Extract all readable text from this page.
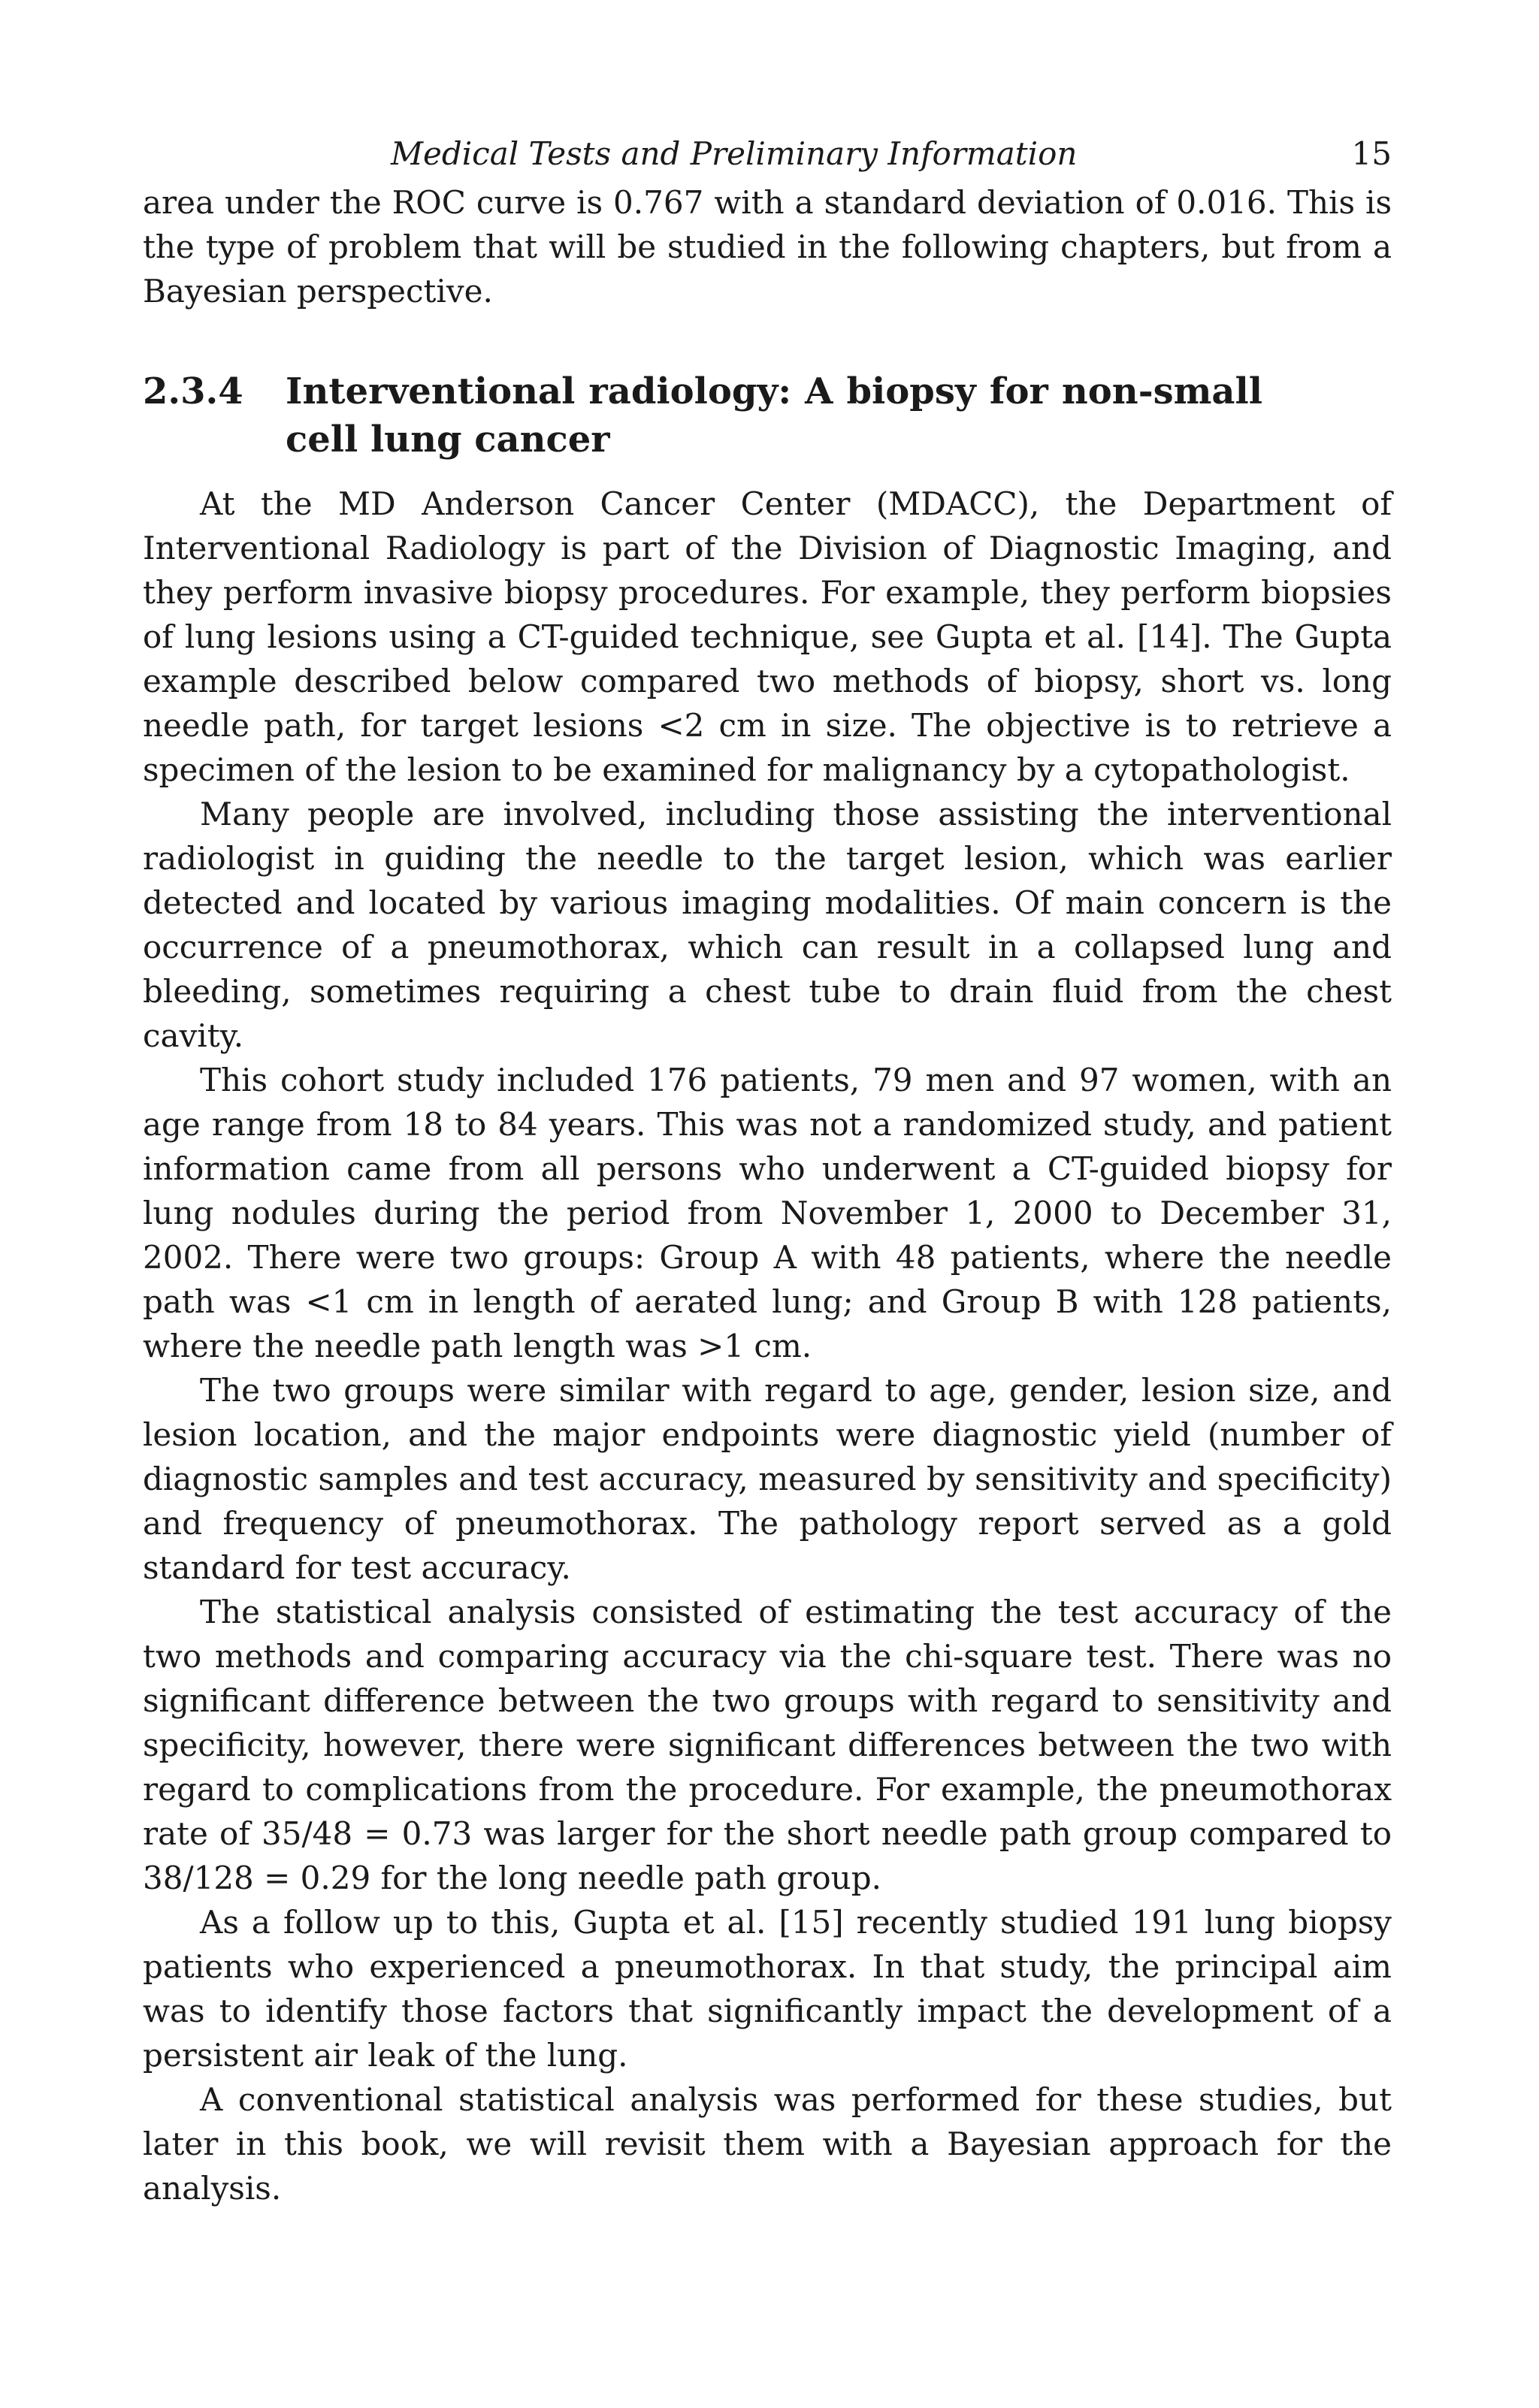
Medical Tests and Preliminary Information	15

area under the ROC curve is 0.767 with a standard deviation of 0.016. This is the type of problem that will be studied in the following chapters, but from a Bayesian perspective.

2.3.4	Interventional radiology: A biopsy for non-small cell lung cancer

At the MD Anderson Cancer Center (MDACC), the Department of Interventional Radiology is part of the Division of Diagnostic Imaging, and they perform invasive biopsy procedures. For example, they perform biopsies of lung lesions using a CT-guided technique, see Gupta et al. [14]. The Gupta example described below compared two methods of biopsy, short vs. long needle path, for target lesions <2 cm in size. The objective is to retrieve a specimen of the lesion to be examined for malignancy by a cytopathologist.

Many people are involved, including those assisting the interventional radiologist in guiding the needle to the target lesion, which was earlier detected and located by various imaging modalities. Of main concern is the occurrence of a pneumothorax, which can result in a collapsed lung and bleeding, sometimes requiring a chest tube to drain fluid from the chest cavity.

This cohort study included 176 patients, 79 men and 97 women, with an age range from 18 to 84 years. This was not a randomized study, and patient information came from all persons who underwent a CT-guided biopsy for lung nodules during the period from November 1, 2000 to December 31, 2002. There were two groups: Group A with 48 patients, where the needle path was <1 cm in length of aerated lung; and Group B with 128 patients, where the needle path length was >1 cm.

The two groups were similar with regard to age, gender, lesion size, and lesion location, and the major endpoints were diagnostic yield (number of diagnostic samples and test accuracy, measured by sensitivity and specificity) and frequency of pneumothorax. The pathology report served as a gold standard for test accuracy.

The statistical analysis consisted of estimating the test accuracy of the two methods and comparing accuracy via the chi-square test. There was no significant difference between the two groups with regard to sensitivity and specificity, however, there were significant differences between the two with regard to complications from the procedure. For example, the pneumothorax rate of 35/48 = 0.73 was larger for the short needle path group compared to 38/128 = 0.29 for the long needle path group.

As a follow up to this, Gupta et al. [15] recently studied 191 lung biopsy patients who experienced a pneumothorax. In that study, the principal aim was to identify those factors that significantly impact the development of a persistent air leak of the lung.

A conventional statistical analysis was performed for these studies, but later in this book, we will revisit them with a Bayesian approach for the analysis.
